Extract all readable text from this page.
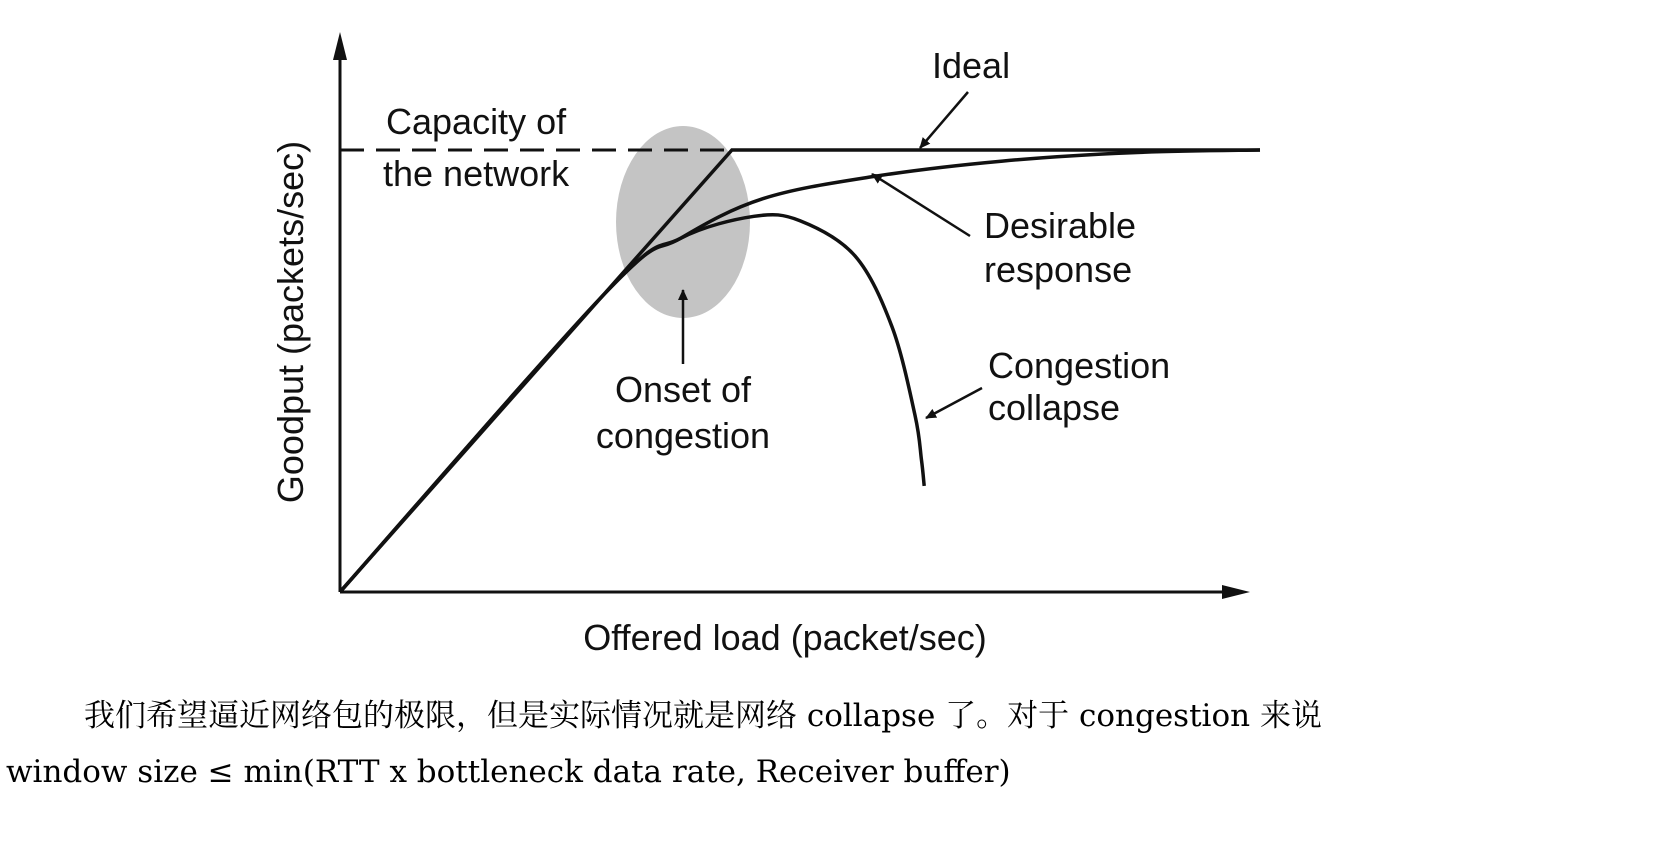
Ideal
Capacity of
the network
Desirable
response
Congestion
collapse
Onset of
congestion
Offered load (packet/sec)
Goodput (packets/sec)
我们希望逼近网络包的极限，但是实际情况就是网络 collapse 了。对于 congestion 来说
window size ≤ min(RTT x bottleneck data rate, Receiver buffer)
